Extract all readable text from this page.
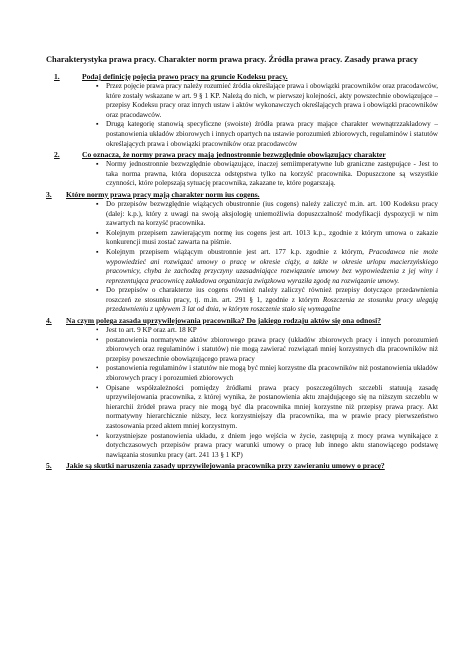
Charakterystyka prawa pracy. Charakter norm prawa pracy. Źródła prawa pracy. Zasady prawa pracy

1.	Podaj definicję pojęcia prawo pracy na gruncie Kodeksu pracy.
▪ Przez pojęcie prawa pracy należy rozumieć źródła określające prawa i obowiązki pracowników oraz pracodawców, które zostały wskazane w art. 9 § 1 KP. Należą do nich, w pierwszej kolejności, akty powszechnie obowiązujące – przepisy Kodeksu pracy oraz innych ustaw i aktów wykonawczych określających prawa i obowiązki pracowników oraz pracodawców.
▪ Drugą kategorię stanowią specyficzne (swoiste) źródła prawa pracy mające charakter wewnątrzzakładowy – postanowienia układów zbiorowych i innych opartych na ustawie porozumień zbiorowych, regulaminów i statutów określających prawa i obowiązki pracowników oraz pracodawców
2.	Co oznacza, że normy prawa pracy mają jednostronnie bezwzględnie obowiązujący charakter
▪ Normy jednostronnie bezwzględnie obowiązujące, inaczej semiimperatywne lub graniczne zastępujące - Jest to taka norma prawna, która dopuszcza odstępstwa tylko na korzyść pracownika. Dopuszczone są wszystkie czynności, które polepszają sytuację pracownika, zakazane te, które pogarszają.
3.	Które normy prawa pracy mają charakter norm ius cogens.
▪ Do przepisów bezwzględnie wiążących obustronnie (ius cogens) należy zaliczyć m.in. art. 100 Kodeksu pracy (dalej: k.p.), który z uwagi na swoją aksjologię uniemożliwia dopuszczalność modyfikacji dyspozycji w nim zawartych na korzyść pracownika.
▪ Kolejnym przepisem zawierającym normę ius cogens jest art. 1013 k.p., zgodnie z którym umowa o zakazie konkurencji musi zostać zawarta na piśmie.
▪ Kolejnym przepisem wiążącym obustronnie jest art. 177 k.p. zgodnie z którym, Pracodawca nie może wypowiedzieć ani rozwiązać umowy o pracę w okresie ciąży, a także w okresie urlopu macierzyńskiego pracownicy, chyba że zachodzą przyczyny uzasadniające rozwiązanie umowy bez wypowiedzenia z jej winy i reprezentująca pracownicę zakładowa organizacja związkowa wyraziła zgodę na rozwiązanie umowy.
▪ Do przepisów o charakterze ius cogens również należy zaliczyć również przepisy dotyczące przedawnienia roszczeń ze stosunku pracy, tj. m.in. art. 291 § 1, zgodnie z którym Roszczenia ze stosunku pracy ulegają przedawnieniu z upływem 3 lat od dnia, w którym roszczenie stało się wymagalne
4.	Na czym polega zasada uprzywilejowania pracownika? Do jakiego rodzaju aktów się ona odnosi?
• Jest to art. 9 KP oraz art. 18 KP
• postanowienia normatywne aktów zbiorowego prawa pracy (układów zbiorowych pracy i innych porozumień zbiorowych oraz regulaminów i statutów) nie mogą zawierać rozwiązań mniej korzystnych dla pracowników niż przepisy powszechnie obowiązującego prawa pracy
• postanowienia regulaminów i statutów nie mogą być mniej korzystne dla pracowników niż postanowienia układów zbiorowych pracy i porozumień zbiorowych
• Opisane współzależności pomiędzy źródłami prawa pracy poszczególnych szczebli statuują zasadę uprzywilejowania pracownika, z której wynika, że postanowienia aktu znajdującego się na niższym szczeblu w hierarchii źródeł prawa pracy nie mogą być dla pracownika mniej korzystne niż przepisy prawa pracy. Akt normatywny hierarchicznie niższy, lecz korzystniejszy dla pracownika, ma w prawie pracy pierwszeństwo zastosowania przed aktem mniej korzystnym.
• korzystniejsze postanowienia układu, z dniem jego wejścia w życie, zastępują z mocy prawa wynikające z dotychczasowych przepisów prawa pracy warunki umowy o pracę lub innego aktu stanowiącego podstawę nawiązania stosunku pracy (art. 241 13 § 1 KP)
5.	Jakie są skutki naruszenia zasady uprzywilejowania pracownika przy zawieraniu umowy o pracę?
